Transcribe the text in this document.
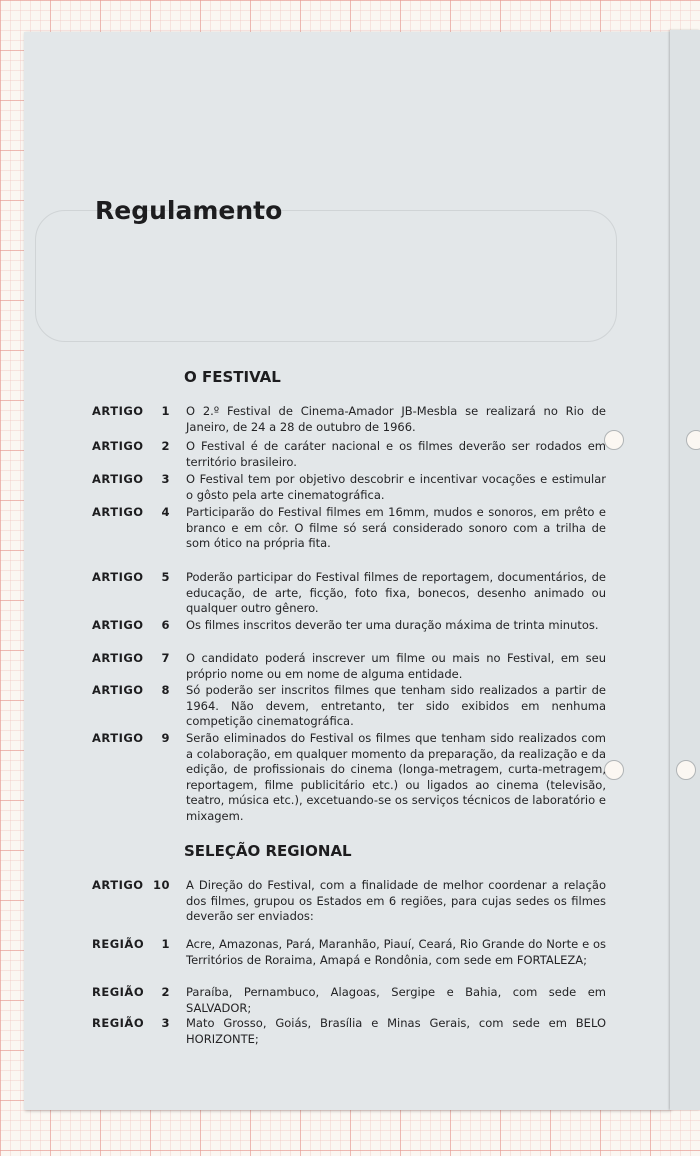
Regulamento
O FESTIVAL
ARTIGO 1 O 2.º Festival de Cinema-Amador JB-Mesbla se realizará no Rio de Janeiro, de 24 a 28 de outubro de 1966.
ARTIGO 2 O Festival é de caráter nacional e os filmes deverão ser rodados em território brasileiro.
ARTIGO 3 O Festival tem por objetivo descobrir e incentivar vocações e estimular o gôsto pela arte cinematográfica.
ARTIGO 4 Participarão do Festival filmes em 16mm, mudos e sonoros, em prêto e branco e em côr. O filme só será considerado sonoro com a trilha de som ótico na própria fita.
ARTIGO 5 Poderão participar do Festival filmes de reportagem, documentários, de educação, de arte, ficção, foto fixa, bonecos, desenho animado ou qualquer outro gênero.
ARTIGO 6 Os filmes inscritos deverão ter uma duração máxima de trinta minutos.
ARTIGO 7 O candidato poderá inscrever um filme ou mais no Festival, em seu próprio nome ou em nome de alguma entidade.
ARTIGO 8 Só poderão ser inscritos filmes que tenham sido realizados a partir de 1964. Não devem, entretanto, ter sido exibidos em nenhuma competição cinematográfica.
ARTIGO 9 Serão eliminados do Festival os filmes que tenham sido realizados com a colaboração, em qualquer momento da preparação, da realização e da edição, de profissionais do cinema (longa-metragem, curta-metragem, reportagem, filme publicitário etc.) ou ligados ao cinema (televisão, teatro, música etc.), excetuando-se os serviços técnicos de laboratório e mixagem.
SELEÇÃO REGIONAL
ARTIGO 10 A Direção do Festival, com a finalidade de melhor coordenar a relação dos filmes, grupou os Estados em 6 regiões, para cujas sedes os filmes deverão ser enviados:
REGIÃO 1 Acre, Amazonas, Pará, Maranhão, Piauí, Ceará, Rio Grande do Norte e os Territórios de Roraima, Amapá e Rondônia, com sede em FORTALEZA;
REGIÃO 2 Paraíba, Pernambuco, Alagoas, Sergipe e Bahia, com sede em SALVADOR;
REGIÃO 3 Mato Grosso, Goiás, Brasília e Minas Gerais, com sede em BELO HORIZONTE;
